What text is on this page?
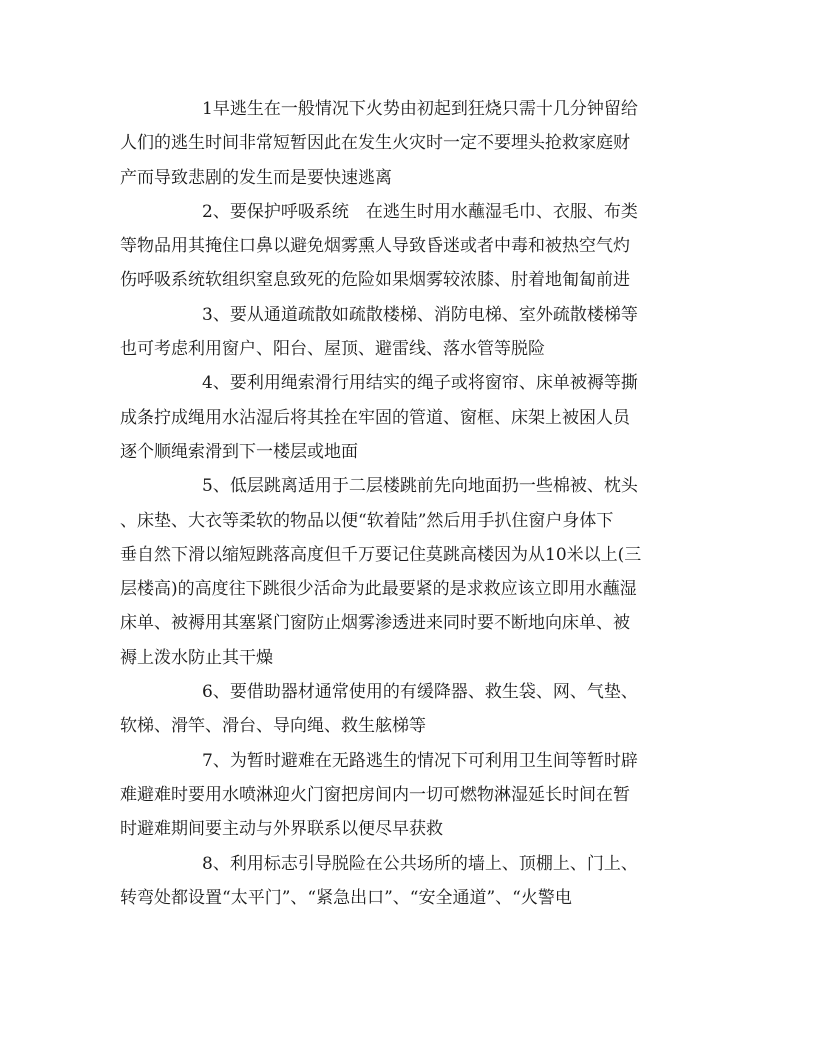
1早逃生在一般情况下火势由初起到狂烧只需十几分钟留给
人们的逃生时间非常短暂因此在发生火灾时一定不要埋头抢救家庭财
产而导致悲剧的发生而是要快速逃离
2、要保护呼吸系统　在逃生时用水蘸湿毛巾、衣服、布类
等物品用其掩住口鼻以避免烟雾熏人导致昏迷或者中毒和被热空气灼
伤呼吸系统软组织窒息致死的危险如果烟雾较浓膝、肘着地匍匐前进
3、要从通道疏散如疏散楼梯、消防电梯、室外疏散楼梯等
也可考虑利用窗户、阳台、屋顶、避雷线、落水管等脱险
4、要利用绳索滑行用结实的绳子或将窗帘、床单被褥等撕
成条拧成绳用水沾湿后将其拴在牢固的管道、窗框、床架上被困人员
逐个顺绳索滑到下一楼层或地面
5、低层跳离适用于二层楼跳前先向地面扔一些棉被、枕头
、床垫、大衣等柔软的物品以便“软着陆”然后用手扒住窗户身体下
垂自然下滑以缩短跳落高度但千万要记住莫跳高楼因为从10米以上(三
层楼高)的高度往下跳很少活命为此最要紧的是求救应该立即用水蘸湿
床单、被褥用其塞紧门窗防止烟雾渗透进来同时要不断地向床单、被
褥上泼水防止其干燥
6、要借助器材通常使用的有缓降器、救生袋、网、气垫、
软梯、滑竿、滑台、导向绳、救生舷梯等
7、为暂时避难在无路逃生的情况下可利用卫生间等暂时辟
难避难时要用水喷淋迎火门窗把房间内一切可燃物淋湿延长时间在暂
时避难期间要主动与外界联系以便尽早获救
8、利用标志引导脱险在公共场所的墙上、顶棚上、门上、
转弯处都设置“太平门”、“紧急出口”、“安全通道”、“火警电
